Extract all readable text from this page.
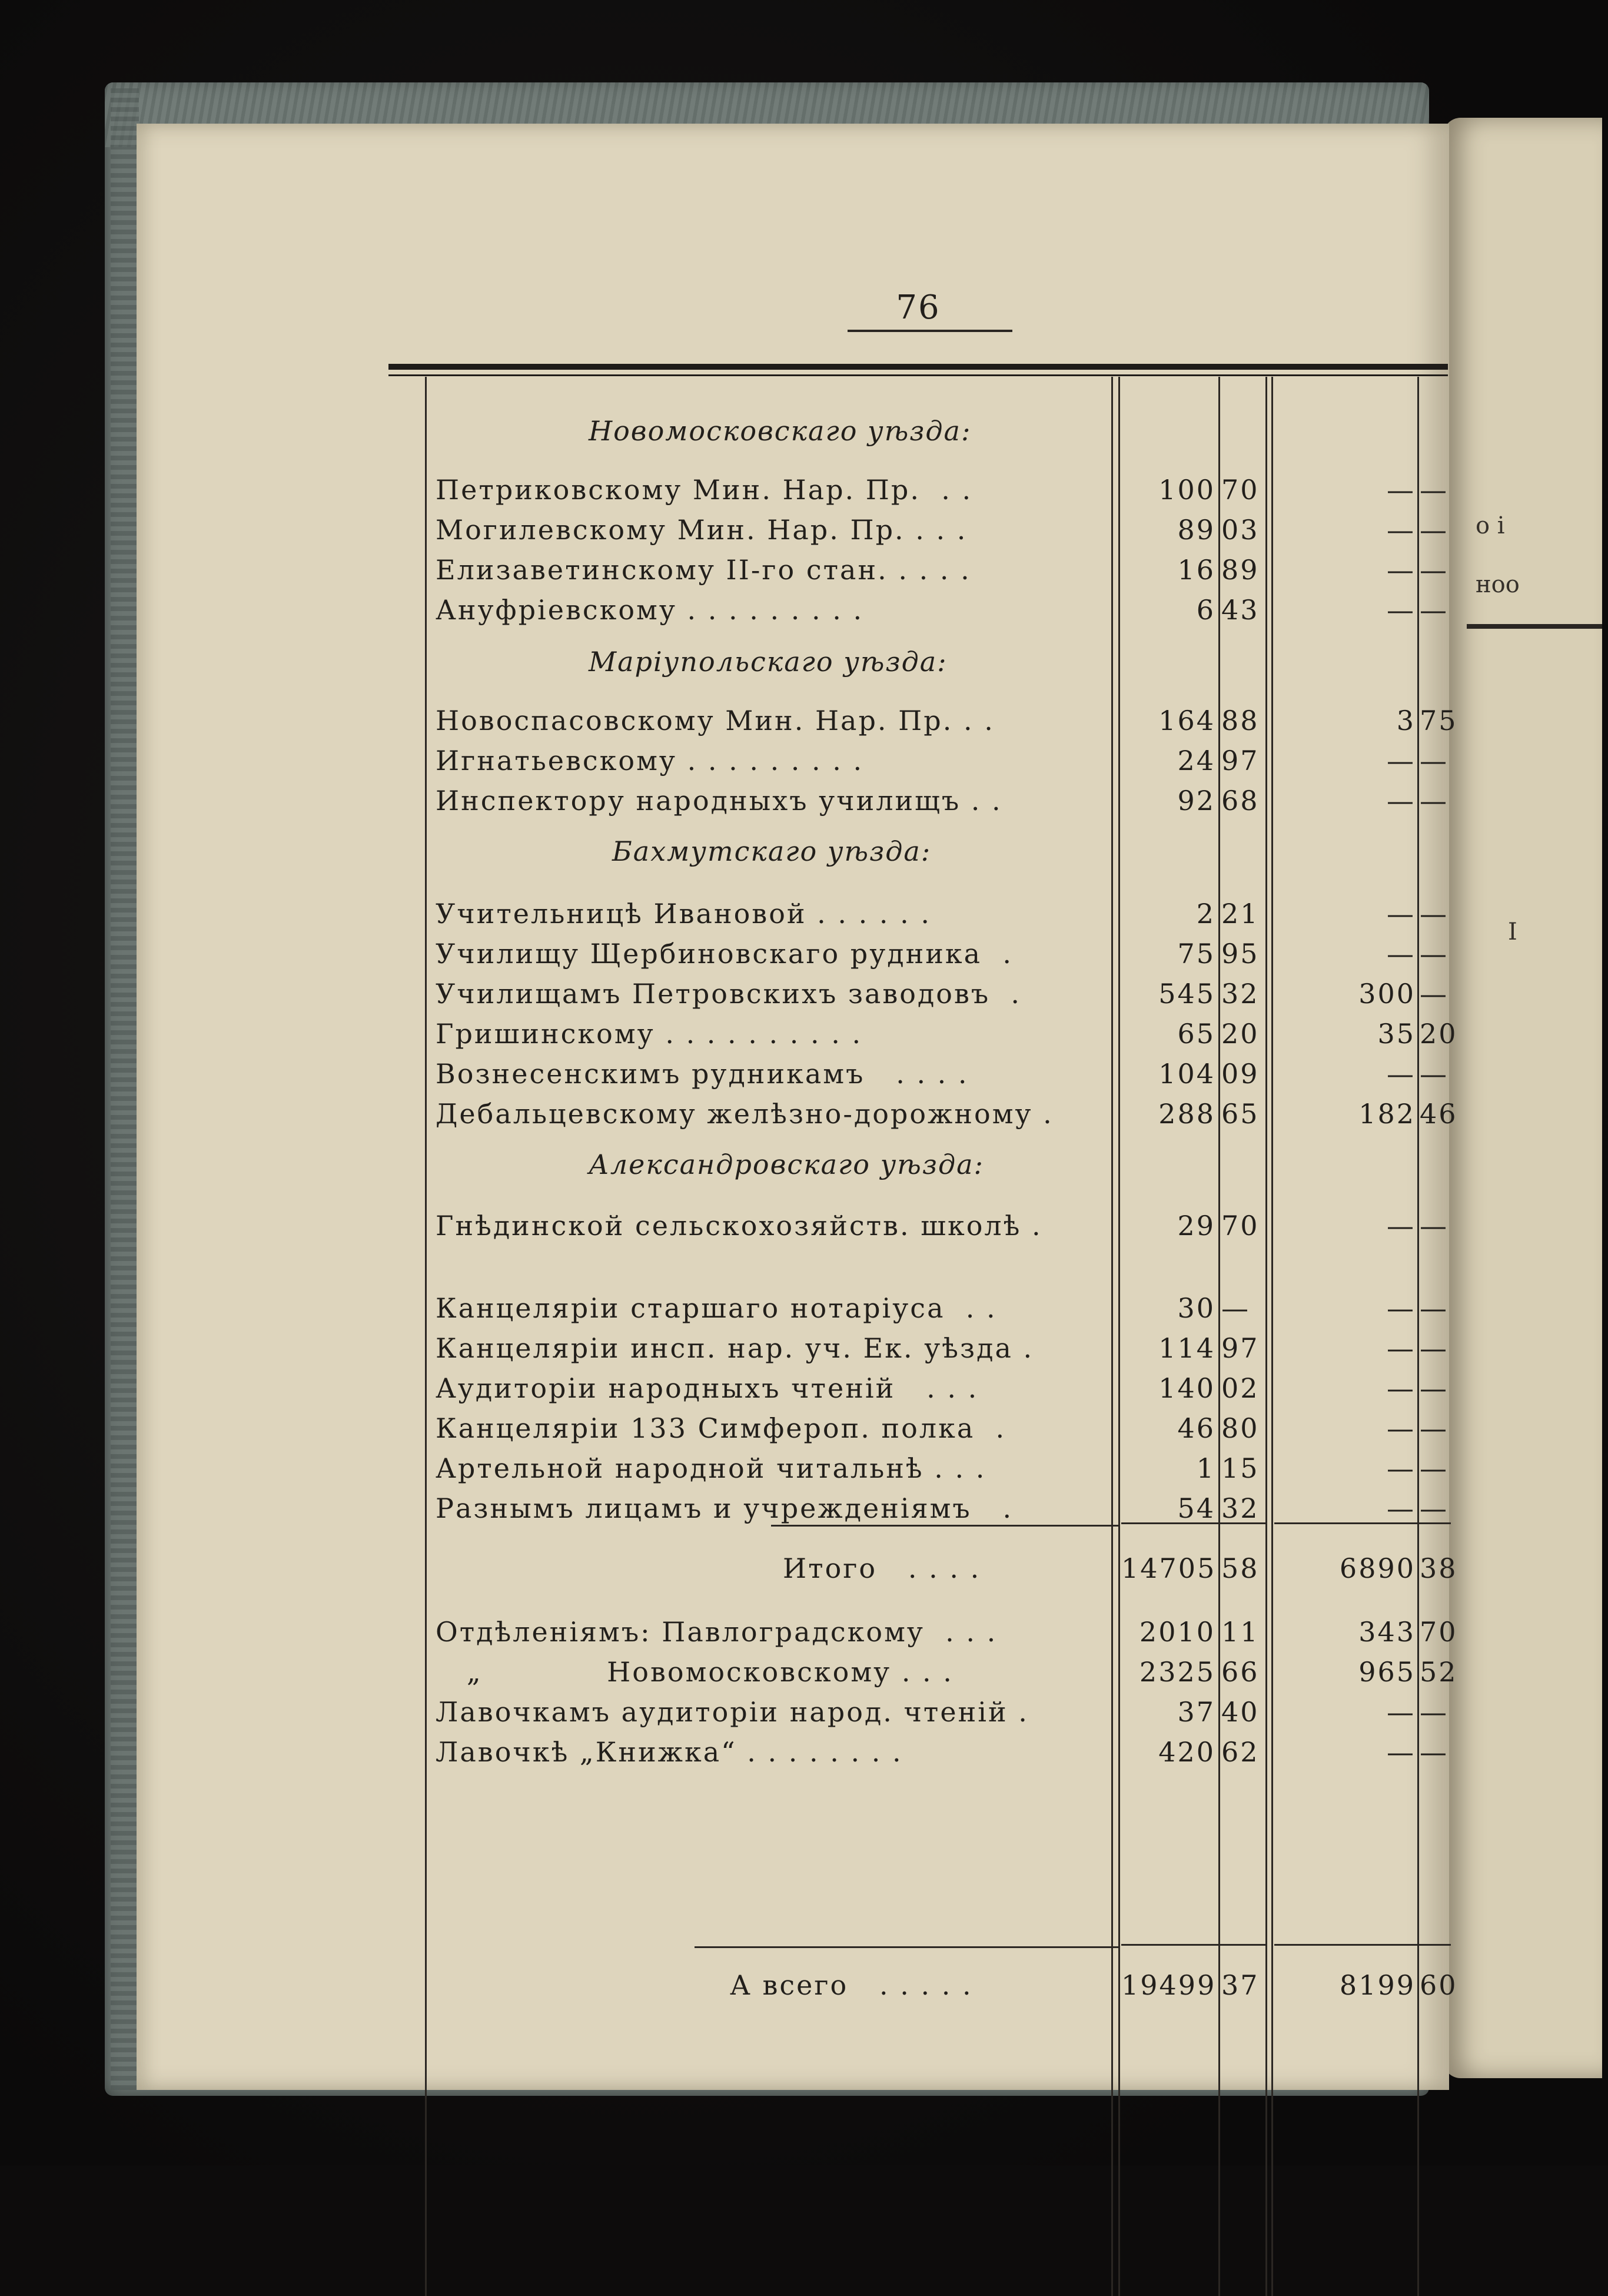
о і
ноо
І
76
Новомосковскаго уѣзда:
Петриковскому Мин. Нар. Пр.  . .	100 70	— —
Могилевскому Мин. Нар. Пр. . . .	89 03	— —
Елизаветинскому II-го стан. . . . .	16 89	— —
Ануфріевскому . . . . . . . . .	6 43	— —
Маріупольскаго уѣзда:
Новоспасовскому Мин. Нар. Пр. . .	164 88	3 75
Игнатьевскому . . . . . . . . .	24 97	— —
Инспектору народныхъ училищъ . .	92 68	— —
Бахмутскаго уѣзда:
Учительницѣ Ивановой . . . . . .	2 21	— —
Училищу Щербиновскаго рудника  .	75 95	— —
Училищамъ Петровскихъ заводовъ  .	545 32	300 —
Гришинскому . . . . . . . . . .	65 20	35 20
Вознесенскимъ рудникамъ   . . . .	104 09	— —
Дебальцевскому желѣзно-дорожному .	288 65	182 46
Александровскаго уѣзда:
Гнѣдинской сельскохозяйств. школѣ .	29 70	— —
Канцеляріи старшаго нотаріуса  . .	30 —	— —
Канцеляріи инсп. нар. уч. Ек. уѣзда .	114 97	— —
Аудиторіи народныхъ чтеній   . . .	140 02	— —
Канцеляріи 133 Симфероп. полка  .	46 80	— —
Артельной народной читальнѣ . . .	1 15	— —
Разнымъ лицамъ и учрежденіямъ   .	54 32	— —
Итого   . . . .	14705 58	6890 38
Отдѣленіямъ: Павлоградскому  . . .	2010 11	343 70
„            Новомосковскому . . .	2325 66	965 52
Лавочкамъ аудиторіи народ. чтеній .	37 40	— —
Лавочкѣ „Книжка“ . . . . . . . .	420 62	— —
А всего   . . . . .	19499 37	8199 60
